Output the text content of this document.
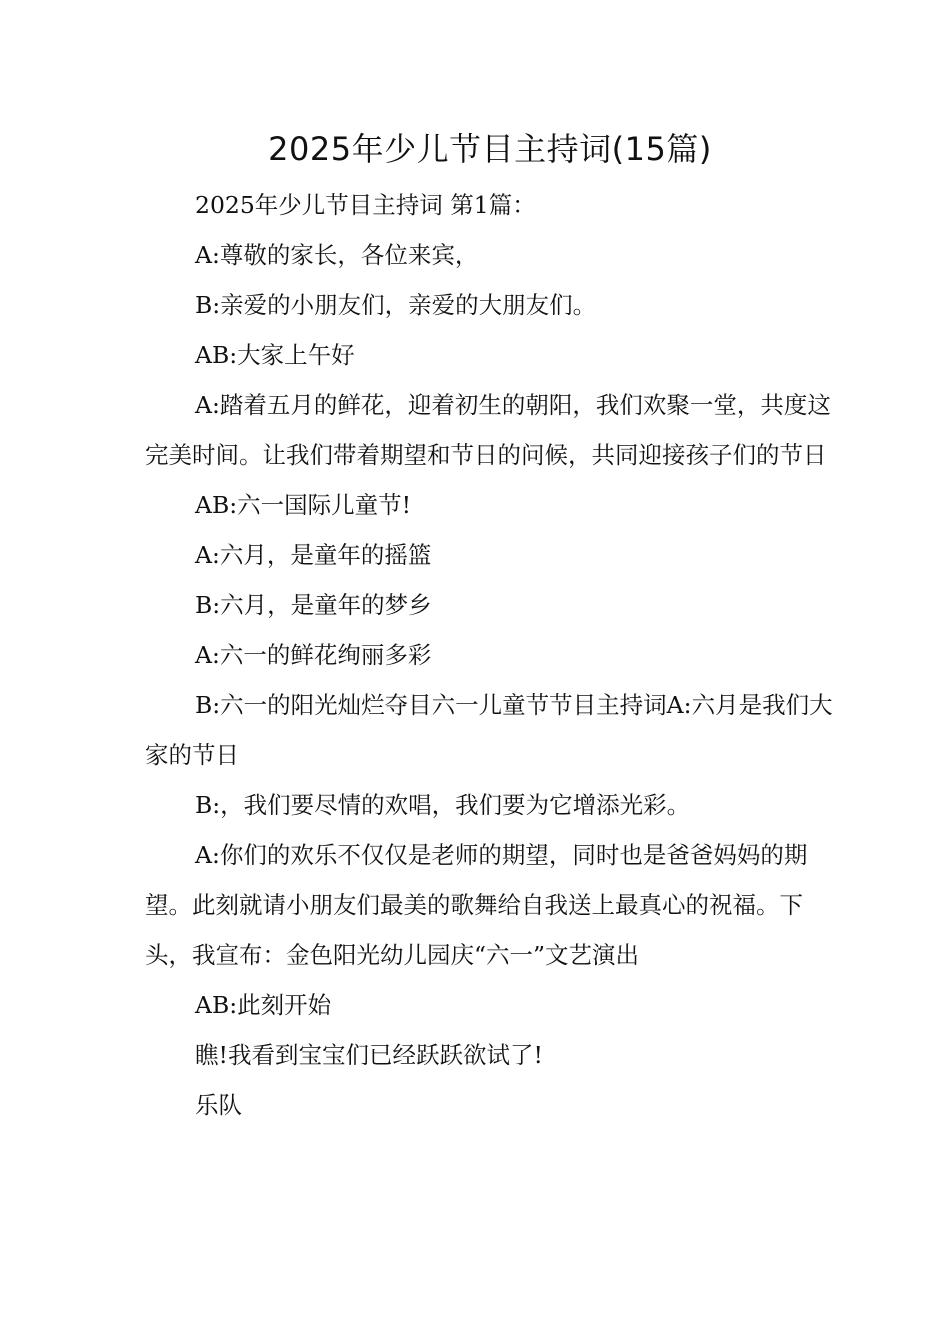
2025年少儿节目主持词(15篇)

2025年少儿节目主持词 第1篇：

A:尊敬的家长，各位来宾，

B:亲爱的小朋友们，亲爱的大朋友们。

AB:大家上午好

A:踏着五月的鲜花，迎着初生的朝阳，我们欢聚一堂，共度这完美时间。让我们带着期望和节日的问候，共同迎接孩子们的节日

AB:六一国际儿童节!

A:六月，是童年的摇篮

B:六月，是童年的梦乡

A:六一的鲜花绚丽多彩

B:六一的阳光灿烂夺目六一儿童节节目主持词A:六月是我们大家的节日

B:，我们要尽情的欢唱，我们要为它增添光彩。

A:你们的欢乐不仅仅是老师的期望，同时也是爸爸妈妈的期望。此刻就请小朋友们最美的歌舞给自我送上最真心的祝福。下头，我宣布：金色阳光幼儿园庆“六一”文艺演出

AB:此刻开始

瞧!我看到宝宝们已经跃跃欲试了!

乐队
